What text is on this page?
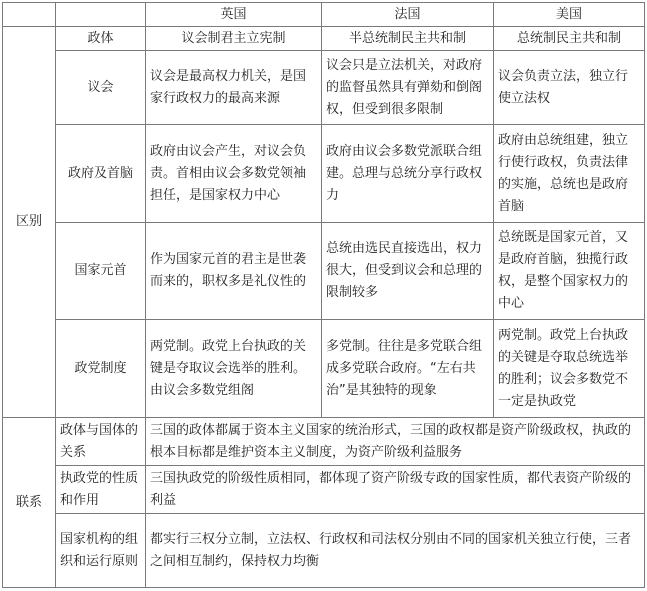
		英国	法国	美国
区别	政体	议会制君主立宪制	半总统制民主共和制	总统制民主共和制
	议会	议会是最高权力机关，是国家行政权力的最高来源	议会只是立法机关，对政府的监督虽然具有弹劾和倒阁权，但受到很多限制	议会负责立法，独立行使立法权
	政府及首脑	政府由议会产生，对议会负责。首相由议会多数党领袖担任，是国家权力中心	政府由议会多数党派联合组建。总理与总统分享行政权力	政府由总统组建，独立行使行政权，负责法律的实施，总统也是政府首脑
	国家元首	作为国家元首的君主是世袭而来的，职权多是礼仪性的	总统由选民直接选出，权力很大，但受到议会和总理的限制较多	总统既是国家元首，又是政府首脑，独揽行政权，是整个国家权力的中心
	政党制度	两党制。政党上台执政的关键是夺取议会选举的胜利。由议会多数党组阁	多党制。往往是多党联合组成多党联合政府。“左右共治”是其独特的现象	两党制。政党上台执政的关键是夺取总统选举的胜利；议会多数党不一定是执政党
联系	政体与国体的关系	三国的政体都属于资本主义国家的统治形式，三国的政权都是资产阶级政权，执政的根本目标都是维护资本主义制度，为资产阶级利益服务		
	执政党的性质和作用	三国执政党的阶级性质相同，都体现了资产阶级专政的国家性质，都代表资产阶级的利益		
	国家机构的组织和运行原则	都实行三权分立制，立法权、行政权和司法权分别由不同的国家机关独立行使，三者之间相互制约，保持权力均衡		
